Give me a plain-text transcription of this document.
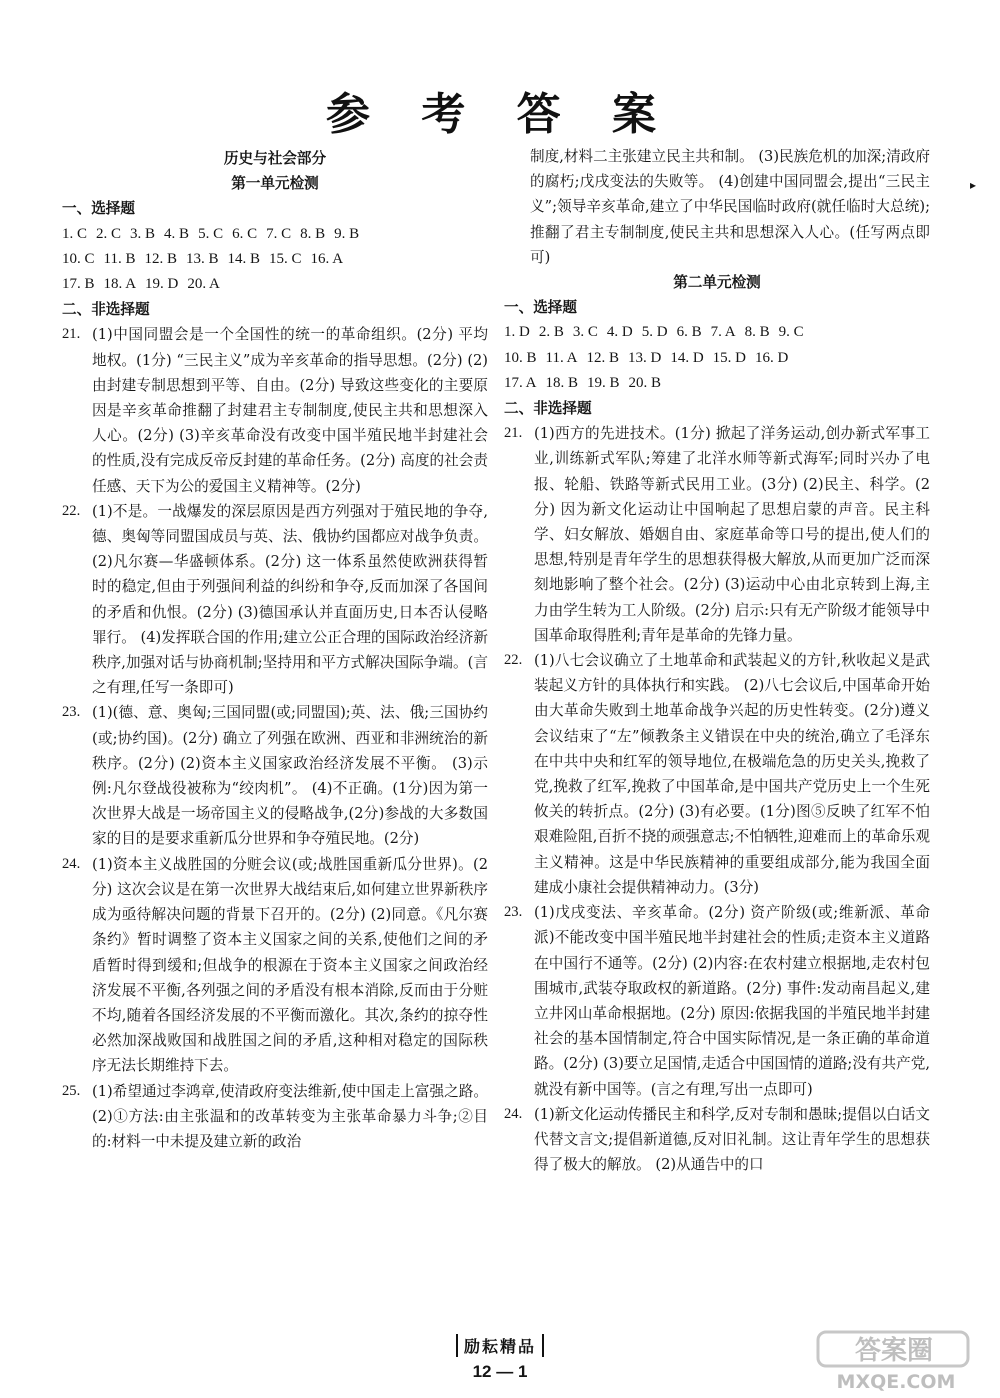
参 考 答 案
▸
历史与社会部分
第一单元检测
一、选择题
1. C 2. C 3. B 4. B 5. C 6. C 7. C 8. B 9. B
10. C 11. B 12. B 13. B 14. B 15. C 16. A
17. B 18. A 19. D 20. A
二、非选择题
21. (1)中国同盟会是一个全国性的统一的革命组织。(2分) 平均地权。(1分) “三民主义”成为辛亥革命的指导思想。(2分) (2)由封建专制思想到平等、自由。(2分) 导致这些变化的主要原因是辛亥革命推翻了封建君主专制制度,使民主共和思想深入人心。(2分) (3)辛亥革命没有改变中国半殖民地半封建社会的性质,没有完成反帝反封建的革命任务。(2分) 高度的社会责任感、天下为公的爱国主义精神等。(2分)
22. (1)不是。一战爆发的深层原因是西方列强对于殖民地的争夺,德、奥匈等同盟国成员与英、法、俄协约国都应对战争负责。 (2)凡尔赛—华盛顿体系。(2分) 这一体系虽然使欧洲获得暂时的稳定,但由于列强间利益的纠纷和争夺,反而加深了各国间的矛盾和仇恨。(2分) (3)德国承认并直面历史,日本否认侵略罪行。 (4)发挥联合国的作用;建立公正合理的国际政治经济新秩序,加强对话与协商机制;坚持用和平方式解决国际争端。(言之有理,任写一条即可)
23. (1)(德、意、奥匈;三国同盟(或;同盟国);英、法、俄;三国协约(或;协约国)。(2分) 确立了列强在欧洲、西亚和非洲统治的新秩序。(2分) (2)资本主义国家政治经济发展不平衡。 (3)示例:凡尔登战役被称为“绞肉机”。 (4)不正确。(1分)因为第一次世界大战是一场帝国主义的侵略战争,(2分)参战的大多数国家的目的是要求重新瓜分世界和争夺殖民地。(2分)
24. (1)资本主义战胜国的分赃会议(或;战胜国重新瓜分世界)。(2分) 这次会议是在第一次世界大战结束后,如何建立世界新秩序成为亟待解决问题的背景下召开的。(2分) (2)同意。《凡尔赛条约》暂时调整了资本主义国家之间的关系,使他们之间的矛盾暂时得到缓和;但战争的根源在于资本主义国家之间政治经济发展不平衡,各列强之间的矛盾没有根本消除,反而由于分赃不均,随着各国经济发展的不平衡而激化。其次,条约的掠夺性必然加深战败国和战胜国之间的矛盾,这种相对稳定的国际秩序无法长期维持下去。
25. (1)希望通过李鸿章,使清政府变法维新,使中国走上富强之路。 (2)①方法:由主张温和的改革转变为主张革命暴力斗争;②目的:材料一中未提及建立新的政治
制度,材料二主张建立民主共和制。 (3)民族危机的加深;清政府的腐朽;戊戌变法的失败等。 (4)创建中国同盟会,提出“三民主义”;领导辛亥革命,建立了中华民国临时政府(就任临时大总统);推翻了君主专制制度,使民主共和思想深入人心。(任写两点即可)
第二单元检测
一、选择题
1. D 2. B 3. C 4. D 5. D 6. B 7. A 8. B 9. C
10. B 11. A 12. B 13. D 14. D 15. D 16. D
17. A 18. B 19. B 20. B
二、非选择题
21. (1)西方的先进技术。(1分) 掀起了洋务运动,创办新式军事工业,训练新式军队;筹建了北洋水师等新式海军;同时兴办了电报、轮船、铁路等新式民用工业。(3分) (2)民主、科学。(2分) 因为新文化运动让中国响起了思想启蒙的声音。民主科学、妇女解放、婚姻自由、家庭革命等口号的提出,使人们的思想,特别是青年学生的思想获得极大解放,从而更加广泛而深刻地影响了整个社会。(2分) (3)运动中心由北京转到上海,主力由学生转为工人阶级。(2分) 启示:只有无产阶级才能领导中国革命取得胜利;青年是革命的先锋力量。
22. (1)八七会议确立了土地革命和武装起义的方针,秋收起义是武装起义方针的具体执行和实践。 (2)八七会议后,中国革命开始由大革命失败到土地革命战争兴起的历史性转变。(2分)遵义会议结束了“左”倾教条主义错误在中央的统治,确立了毛泽东在中共中央和红军的领导地位,在极端危急的历史关头,挽救了党,挽救了红军,挽救了中国革命,是中国共产党历史上一个生死攸关的转折点。(2分) (3)有必要。(1分)图⑤反映了红军不怕艰难险阻,百折不挠的顽强意志;不怕牺牲,迎难而上的革命乐观主义精神。这是中华民族精神的重要组成部分,能为我国全面建成小康社会提供精神动力。(3分)
23. (1)戊戌变法、辛亥革命。(2分) 资产阶级(或;维新派、革命派)不能改变中国半殖民地半封建社会的性质;走资本主义道路在中国行不通等。(2分) (2)内容:在农村建立根据地,走农村包围城市,武装夺取政权的新道路。(2分) 事件:发动南昌起义,建立井冈山革命根据地。(2分) 原因:依据我国的半殖民地半封建社会的基本国情制定,符合中国实际情况,是一条正确的革命道路。(2分) (3)要立足国情,走适合中国国情的道路;没有共产党,就没有新中国等。(言之有理,写出一点即可)
24. (1)新文化运动传播民主和科学,反对专制和愚昧;提倡以白话文代替文言文;提倡新道德,反对旧礼制。这让青年学生的思想获得了极大的解放。 (2)从通告中的口
励耘精品
12 — 1
答案圈
MXQE.COM
